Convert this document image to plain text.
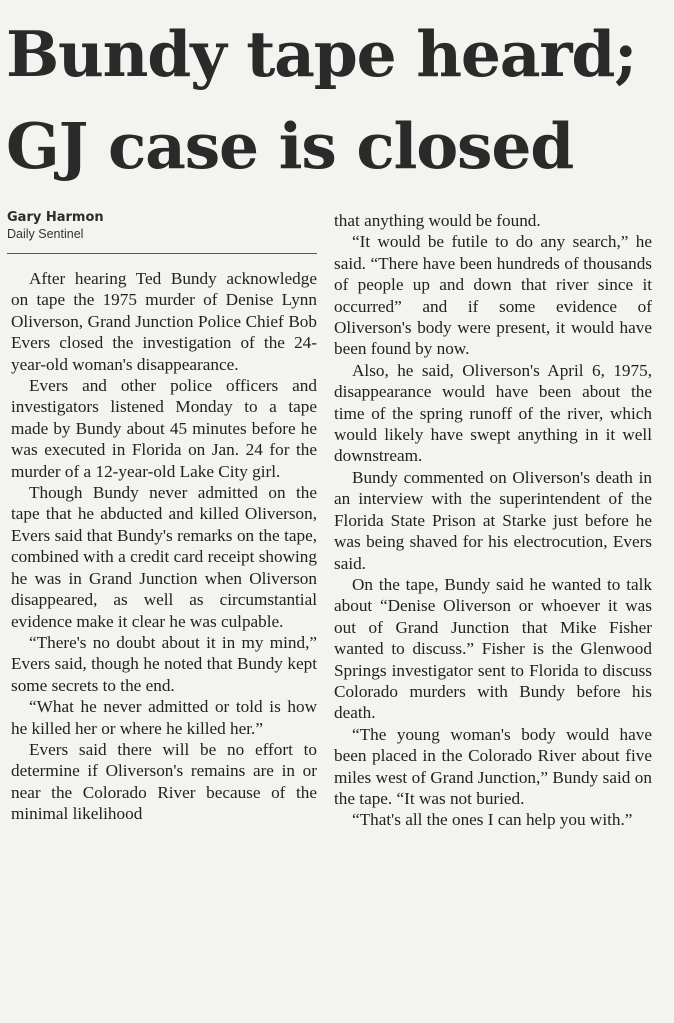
Bundy tape heard;
GJ case is closed
Gary Harmon
Daily Sentinel

After hearing Ted Bundy acknowledge on tape the 1975 murder of Denise Lynn Oliverson, Grand Junction Police Chief Bob Evers closed the investigation of the 24-year-old woman's disappearance.

Evers and other police officers and investigators listened Monday to a tape made by Bundy about 45 minutes before he was executed in Florida on Jan. 24 for the murder of a 12-year-old Lake City girl.

Though Bundy never admitted on the tape that he abducted and killed Oliverson, Evers said that Bundy's remarks on the tape, combined with a credit card receipt showing he was in Grand Junction when Oliverson disappeared, as well as circumstantial evidence make it clear he was culpable.

“There's no doubt about it in my mind,” Evers said, though he noted that Bundy kept some secrets to the end.

“What he never admitted or told is how he killed her or where he killed her.”

Evers said there will be no effort to determine if Oliverson's remains are in or near the Colorado River because of the minimal likelihood

that anything would be found.

“It would be futile to do any search,” he said. “There have been hundreds of thousands of people up and down that river since it occurred” and if some evidence of Oliverson's body were present, it would have been found by now.

Also, he said, Oliverson's April 6, 1975, disappearance would have been about the time of the spring runoff of the river, which would likely have swept anything in it well downstream.

Bundy commented on Oliverson's death in an interview with the superintendent of the Florida State Prison at Starke just before he was being shaved for his electrocution, Evers said.

On the tape, Bundy said he wanted to talk about “Denise Oliverson or whoever it was out of Grand Junction that Mike Fisher wanted to discuss.” Fisher is the Glenwood Springs investigator sent to Florida to discuss Colorado murders with Bundy before his death.

“The young woman's body would have been placed in the Colorado River about five miles west of Grand Junction,” Bundy said on the tape. “It was not buried.

“That's all the ones I can help you with.”
